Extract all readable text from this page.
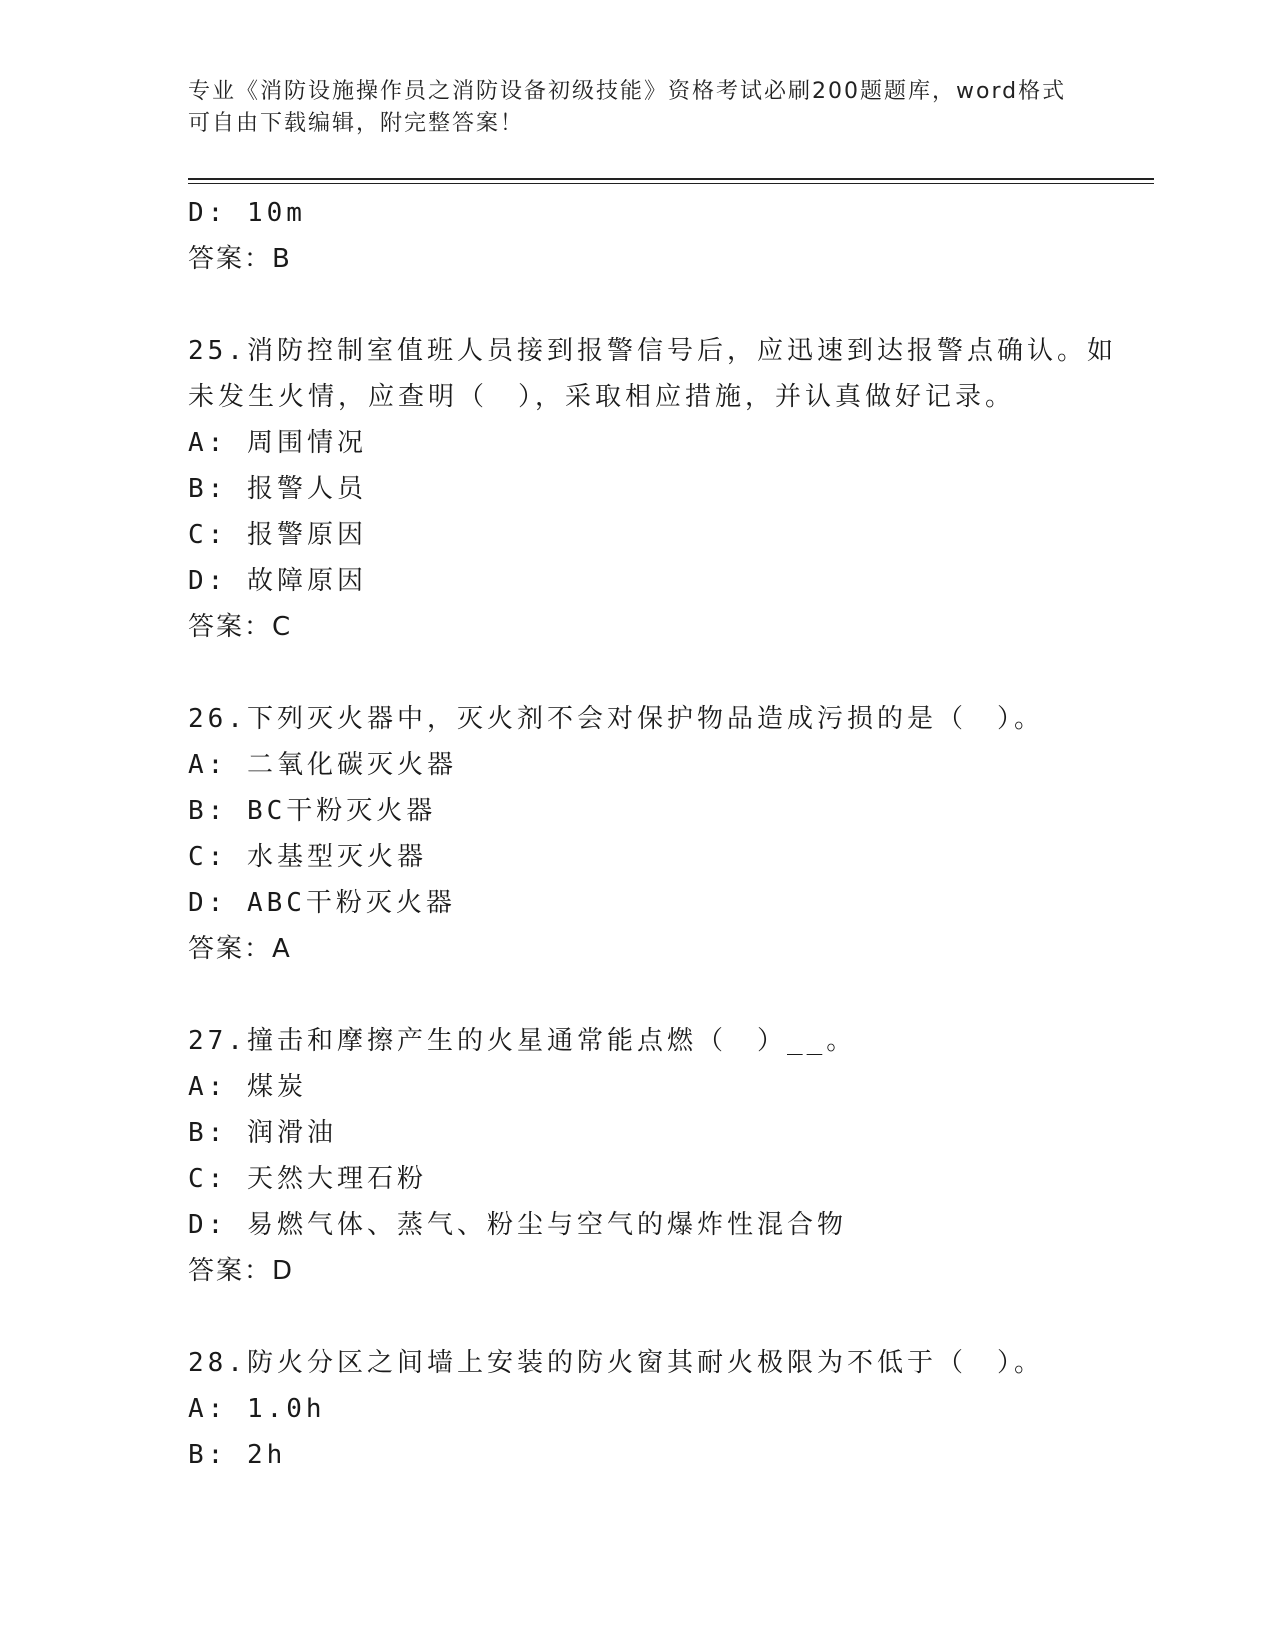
专业《消防设施操作员之消防设备初级技能》资格考试必刷200题题库，word格式可自由下载编辑，附完整答案！
D: 10m
答案：B
25.消防控制室值班人员接到报警信号后，应迅速到达报警点确认。如
未发生火情，应查明（　），采取相应措施，并认真做好记录。
A: 周围情况
B: 报警人员
C: 报警原因
D: 故障原因
答案：C
26.下列灭火器中，灭火剂不会对保护物品造成污损的是（　）。
A: 二氧化碳灭火器
B: BC干粉灭火器
C: 水基型灭火器
D: ABC干粉灭火器
答案：A
27.撞击和摩擦产生的火星通常能点燃（　）__。
A: 煤炭
B: 润滑油
C: 天然大理石粉
D: 易燃气体、蒸气、粉尘与空气的爆炸性混合物
答案：D
28.防火分区之间墙上安装的防火窗其耐火极限为不低于（　）。
A: 1.0h
B: 2h
